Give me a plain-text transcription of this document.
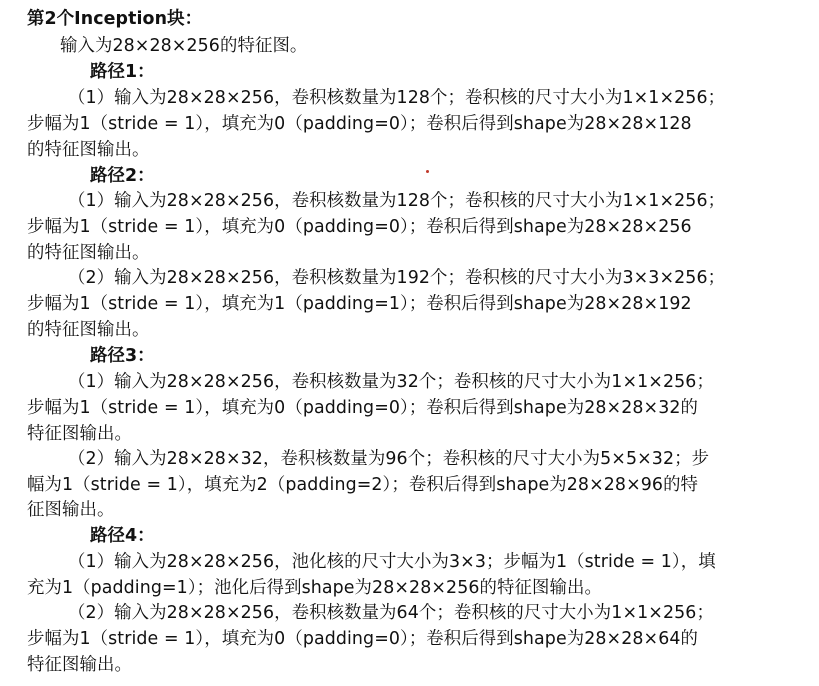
第2个Inception块：
输入为28×28×256的特征图。
路径1：
（1）输入为28×28×256，卷积核数量为128个；卷积核的尺寸大小为1×1×256；
步幅为1（stride = 1），填充为0（padding=0）；卷积后得到shape为28×28×128
的特征图输出。
路径2：
（1）输入为28×28×256，卷积核数量为128个；卷积核的尺寸大小为1×1×256；
步幅为1（stride = 1），填充为0（padding=0）；卷积后得到shape为28×28×256
的特征图输出。
（2）输入为28×28×256，卷积核数量为192个；卷积核的尺寸大小为3×3×256；
步幅为1（stride = 1），填充为1（padding=1）；卷积后得到shape为28×28×192
的特征图输出。
路径3：
（1）输入为28×28×256，卷积核数量为32个；卷积核的尺寸大小为1×1×256；
步幅为1（stride = 1），填充为0（padding=0）；卷积后得到shape为28×28×32的
特征图输出。
（2）输入为28×28×32，卷积核数量为96个；卷积核的尺寸大小为5×5×32；步
幅为1（stride = 1），填充为2（padding=2）；卷积后得到shape为28×28×96的特
征图输出。
路径4：
（1）输入为28×28×256，池化核的尺寸大小为3×3；步幅为1（stride = 1），填
充为1（padding=1）；池化后得到shape为28×28×256的特征图输出。
（2）输入为28×28×256，卷积核数量为64个；卷积核的尺寸大小为1×1×256；
步幅为1（stride = 1），填充为0（padding=0）；卷积后得到shape为28×28×64的
特征图输出。
